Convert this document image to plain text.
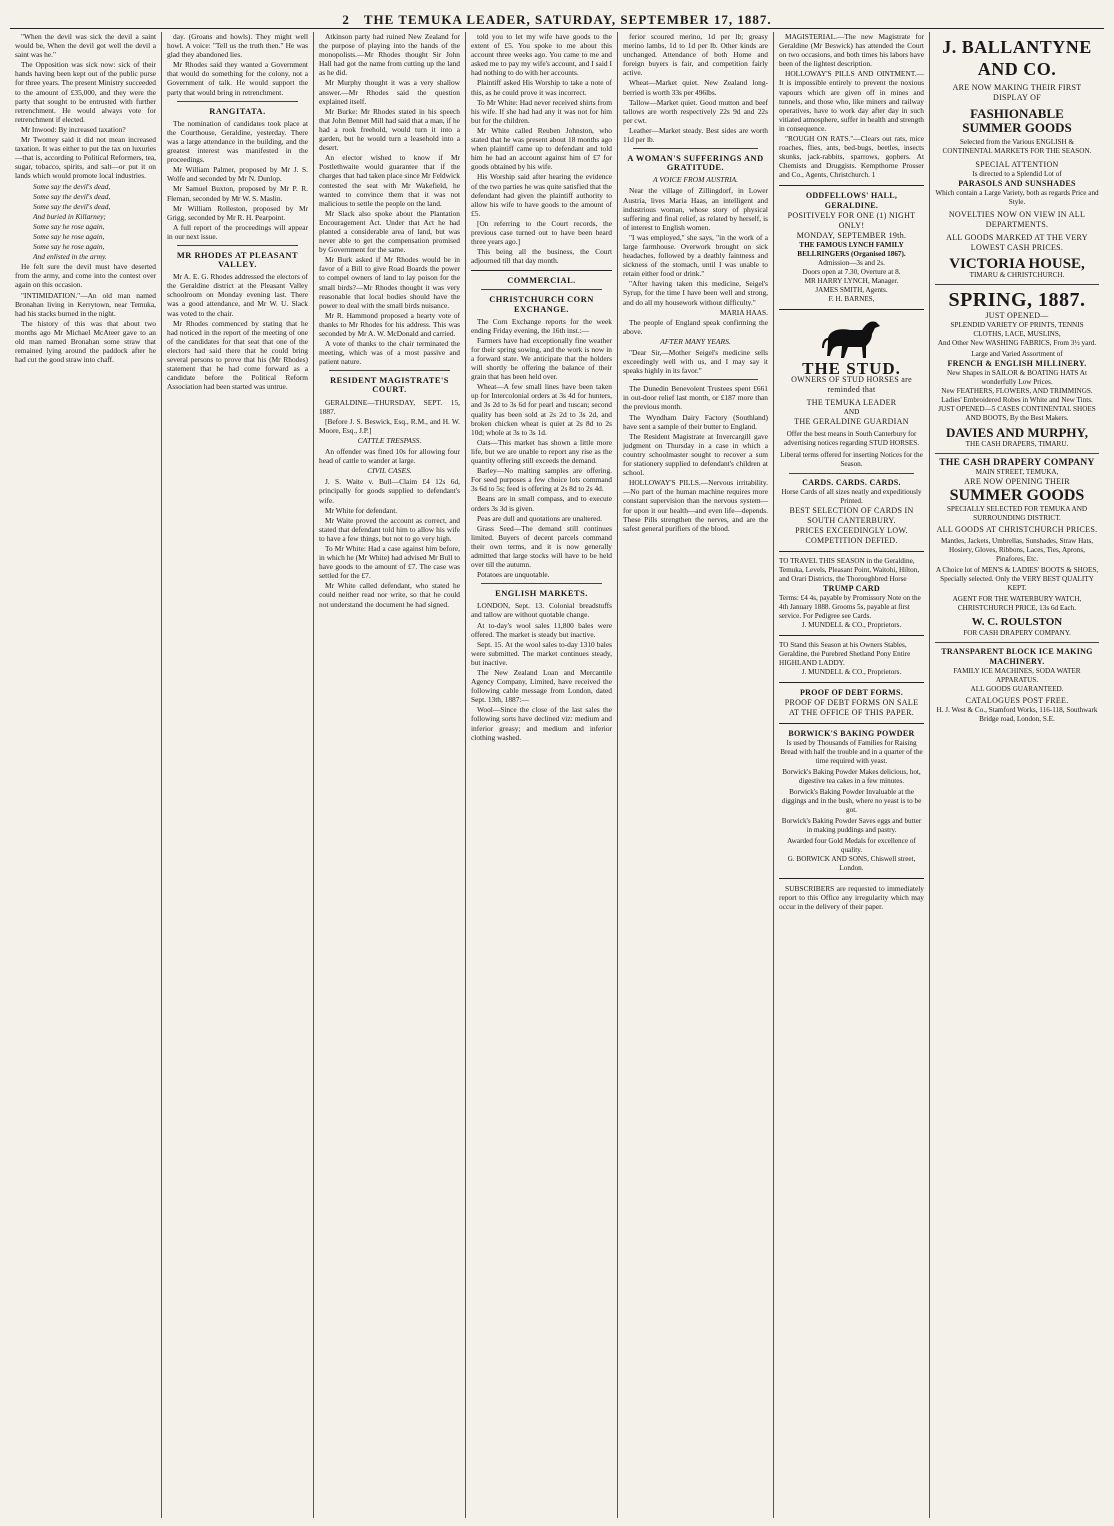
2 THE TEMUKA LEADER, SATURDAY, SEPTEMBER 17, 1887.

"When the devil was sick the devil a saint would be, When the devil got well the devil a saint was he."

The Opposition was sick now: sick of their hands having been kept out of the public purse for three years. The present Ministry succeeded to the amount of £35,000, and they were the party that sought to be entrusted with further retrenchment. He would always vote for retrenchment if elected.

Mr Inwood: By increased taxation?

Mr Twomey said it did not mean increased taxation. It was either to put the tax on luxuries—that is, according to Political Reformers, tea, sugar, tobacco, spirits, and salt—or put it on lands which would promote local industries.

Some say the devil's dead,

Some say the devil's dead,

Some say the devil's dead,

And buried in Killarney;

Some say he rose again,

Some say he rose again,

Some say he rose again,

And enlisted in the army.

He felt sure the devil must have deserted from the army, and come into the contest over again on this occasion.

"INTIMIDATION."—An old man named Bronahan living in Kerrytown, near Temuka, had his stacks burned in the night.

The history of this was that about two months ago Mr Michael McAteer gave to an old man named Bronahan some straw that remained lying around the paddock after he had cut the good straw into chaff.

day. (Groans and howls). They might well howl. A voice: "Tell us the truth then." He was glad they abandoned lies.

Mr Rhodes said they wanted a Government that would do something for the colony, not a Government of talk. He would support the party that would bring in retrenchment.

RANGITATA.

The nomination of candidates took place at the Courthouse, Geraldine, yesterday. There was a large attendance in the building, and the greatest interest was manifested in the proceedings.

Mr William Palmer, proposed by Mr J. S. Wolfe and seconded by Mr N. Dunlop.

Mr Samuel Buxton, proposed by Mr P. R. Fleman, seconded by Mr W. S. Maslin.

Mr William Rolleston, proposed by Mr Grigg, seconded by Mr R. H. Pearpoint.

A full report of the proceedings will appear in our next issue.

MR RHODES AT PLEASANT VALLEY.

Mr A. E. G. Rhodes addressed the electors of the Geraldine district at the Pleasant Valley schoolroom on Monday evening last. There was a good attendance, and Mr W. U. Slack was voted to the chair.

Mr Rhodes commenced by stating that he had noticed in the report of the meeting of one of the candidates for that seat that one of the electors had said there that he could bring several persons to prove that his (Mr Rhodes) statement that he had come forward as a candidate before the Political Reform Association had been started was untrue.

Atkinson party had ruined New Zealand for the purpose of playing into the hands of the monopolists.—Mr Rhodes thought Sir John Hall had got the name from cutting up the land as he did.

Mr Murphy thought it was a very shallow answer.—Mr Rhodes said the question explained itself.

Mr Burke: Mr Rhodes stated in his speech that John Bennet Mill had said that a man, if he had a rook freehold, would turn it into a garden, but he would turn a leasehold into a desert.

An elector wished to know if Mr Postlethwaite would guarantee that if the charges that had taken place since Mr Feldwick contested the seat with Mr Wakefield, he wanted to convince them that it was not malicious to settle the people on the land.

Mr Slack also spoke about the Plantation Encouragement Act. Under that Act he had planted a considerable area of land, but was never able to get the compensation promised by Government for the same.

Mr Burk asked if Mr Rhodes would be in favor of a Bill to give Road Boards the power to compel owners of land to lay poison for the small birds?—Mr Rhodes thought it was very reasonable that local bodies should have the power to deal with the small birds nuisance.

Mr R. Hammond proposed a hearty vote of thanks to Mr Rhodes for his address. This was seconded by Mr A. W. McDonald and carried.

A vote of thanks to the chair terminated the meeting, which was of a most passive and patient nature.

RESIDENT MAGISTRATE'S COURT.

GERALDINE—THURSDAY, SEPT. 15, 1887.

[Before J. S. Beswick, Esq., R.M., and H. W. Moore, Esq., J.P.]

CATTLE TRESPASS.

An offender was fined 10s for allowing four head of cattle to wander at large.

CIVIL CASES.

J. S. Waite v. Bull—Claim £4 12s 6d, principally for goods supplied to defendant's wife.

Mr White for defendant.

Mr Waite proved the account as correct, and stated that defendant told him to allow his wife to have a few things, but not to go very high.

To Mr White: Had a case against him before, in which he (Mr White) had advised Mr Bull to have goods to the amount of £7. The case was settled for the £7.

Mr White called defendant, who stated he could neither read nor write, so that he could not understand the document he had signed.

told you to let my wife have goods to the extent of £5. You spoke to me about this account three weeks ago. You came to me and asked me to pay my wife's account, and I said I had nothing to do with her accounts.

Plaintiff asked His Worship to take a note of this, as he could prove it was incorrect.

To Mr White: Had never received shirts from his wife. If she had had any it was not for him but for the children.

Mr White called Reuben Johnston, who stated that he was present about 18 months ago when plaintiff came up to defendant and told him he had an account against him of £7 for goods obtained by his wife.

His Worship said after hearing the evidence of the two parties he was quite satisfied that the defendant had given the plaintiff authority to allow his wife to have goods to the amount of £5.

[On referring to the Court records, the previous case turned out to have been heard three years ago.]

This being all the business, the Court adjourned till that day month.

COMMERCIAL.
CHRISTCHURCH CORN EXCHANGE.

The Corn Exchange reports for the week ending Friday evening, the 16th inst.:—

Farmers have had exceptionally fine weather for their spring sowing, and the work is now in a forward state. We anticipate that the holders will shortly be offering the balance of their grain that has been held over.

Wheat—A few small lines have been taken up for Intercolonial orders at 3s 4d for hunters, and 3s 2d to 3s 6d for pearl and tuscan; second quality has been sold at 2s 2d to 3s 2d, and broken chicken wheat is quiet at 2s 8d to 2s 10d; whole at 3s to 3s 1d.

Oats—This market has shown a little more life, but we are unable to report any rise as the quantity offering still exceeds the demand.

Barley—No malting samples are offering. For seed purposes a few choice lots command 3s 6d to 5s; feed is offering at 2s 8d to 2s 4d.

Beans are in small compass, and to execute orders 3s 3d is given.

Peas are dull and quotations are unaltered.

Grass Seed—The demand still continues limited. Buyers of decent parcels command their own terms, and it is now generally admitted that large stocks will have to be held over till the autumn.

Potatoes are unquotable.

ENGLISH MARKETS.

LONDON, Sept. 13. Colonial breadstuffs and tallow are without quotable change.

At to-day's wool sales 11,800 bales were offered. The market is steady but inactive.

Sept. 15. At the wool sales to-day 1310 bales were submitted. The market continues steady, but inactive.

The New Zealand Loan and Mercantile Agency Company, Limited, have received the following cable message from London, dated Sept. 13th, 1887:—

Wool—Since the close of the last sales the following sorts have declined viz: medium and inferior greasy; and medium and inferior clothing washed.

ferior scoured merino, 1d per lb; greasy merino lambs, 1d to 1d per lb. Other kinds are unchanged. Attendance of both Home and foreign buyers is fair, and competition fairly active.

Wheat—Market quiet. New Zealand long-berried is worth 33s per 496lbs.

Tallow—Market quiet. Good mutton and beef tallows are worth respectively 22s 9d and 22s per cwt.

Leather—Market steady. Best sides are worth 11d per lb.

A WOMAN'S SUFFERINGS AND GRATITUDE.
A VOICE FROM AUSTRIA.

Near the village of Zillingdorf, in Lower Austria, lives Maria Haas, an intelligent and industrious woman, whose story of physical suffering and final relief, as related by herself, is of interest to English women.

"I was employed," she says, "in the work of a large farmhouse. Overwork brought on sick headaches, followed by a deathly faintness and sickness of the stomach, until I was unable to retain either food or drink."

"After having taken this medicine, Seigel's Syrup, for the time I have been well and strong, and do all my housework without difficulty."

MARIA HAAS.

The people of England speak confirming the above.

AFTER MANY YEARS.

"Dear Sir,—Mother Seigel's medicine sells exceedingly well with us, and I may say it speaks highly in its favor."

The Dunedin Benevolent Trustees spent £661 in out-door relief last month, or £187 more than the previous month.

The Wyndham Dairy Factory (Southland) have sent a sample of their butter to England.

The Resident Magistrate at Invercargill gave judgment on Thursday in a case in which a country schoolmaster sought to recover a sum for stationery supplied to defendant's children at school.

HOLLOWAY'S PILLS.—Nervous irritability.—No part of the human machine requires more constant supervision than the nervous system—for upon it our health—and even life—depends. These Pills strengthen the nerves, and are the safest general purifiers of the blood.

MAGISTERIAL.—The new Magistrate for Geraldine (Mr Beswick) has attended the Court on two occasions, and both times his labors have been of the lightest description.

HOLLOWAY'S PILLS AND OINTMENT.—It is impossible entirely to prevent the noxious vapours which are given off in mines and tunnels, and those who, like miners and railway operatives, have to work day after day in such vitiated atmosphere, suffer in health and strength in consequence.

"ROUGH ON RATS."—Clears out rats, mice roaches, flies, ants, bed-bugs, beetles, insects skunks, jack-rabbits, sparrows, gophers. At Chemists and Druggists. Kempthorne Prosser and Co., Agents, Christchurch. 1

ODDFELLOWS' HALL, GERALDINE.
POSITIVELY FOR ONE (1) NIGHT ONLY!
MONDAY, SEPTEMBER 19th.
THE FAMOUS LYNCH FAMILY BELLRINGERS (Organised 1867).
Admission—3s and 2s.
Doors open at 7.30, Overture at 8.
MR HARRY LYNCH, Manager.
JAMES SMITH, Agents.
F. H. BARNES,
THE STUD.
OWNERS OF STUD HORSES are reminded that
THE TEMUKA LEADER
AND
THE GERALDINE GUARDIAN
Offer the best means in South Canterbury for advertising notices regarding STUD HORSES.
Liberal terms offered for inserting Notices for the Season.
CARDS. CARDS. CARDS.
Horse Cards of all sizes neatly and expeditiously Printed.
BEST SELECTION OF CARDS IN SOUTH CANTERBURY.
PRICES EXCEEDINGLY LOW.
COMPETITION DEFIED.
TO TRAVEL THIS SEASON in the Geraldine, Temuka, Levels, Pleasant Point, Waitohi, Hilton, and Orari Districts, the Thoroughbred Horse
TRUMP CARD
Terms: £4 4s, payable by Promissory Note on the 4th January 1888. Grooms 5s, payable at first service. For Pedigree see Cards.
J. MUNDELL & CO., Proprietors.
TO Stand this Season at his Owners Stables, Geraldine, the Purebred Shetland Pony Entire HIGHLAND LADDY.
J. MUNDELL & CO., Proprietors.
PROOF OF DEBT FORMS.
PROOF OF DEBT FORMS ON SALE AT THE OFFICE OF THIS PAPER.
BORWICK'S BAKING POWDER
Is used by Thousands of Families for Raising Bread with half the trouble and in a quarter of the time required with yeast.
Borwick's Baking Powder Makes delicious, hot, digestive tea cakes in a few minutes.
Borwick's Baking Powder Invaluable at the diggings and in the bush, where no yeast is to be got.
Borwick's Baking Powder Saves eggs and butter in making puddings and pastry.
Awarded four Gold Medals for excellence of quality.
G. BORWICK AND SONS, Chiswell street, London.

SUBSCRIBERS are requested to immediately report to this Office any irregularity which may occur in the delivery of their paper.

J. BALLANTYNE AND CO.
ARE NOW MAKING THEIR FIRST DISPLAY OF
FASHIONABLE
SUMMER GOODS
Selected from the Various ENGLISH & CONTINENTAL MARKETS FOR THE SEASON.
SPECIAL ATTENTION
Is directed to a Splendid Lot of
PARASOLS AND SUNSHADES
Which contain a Large Variety, both as regards Price and Style.
NOVELTIES NOW ON VIEW IN ALL DEPARTMENTS.
ALL GOODS MARKED AT THE VERY LOWEST CASH PRICES.
VICTORIA HOUSE,
TIMARU & CHRISTCHURCH.
SPRING, 1887.
JUST OPENED—
SPLENDID VARIETY OF PRINTS, TENNIS CLOTHS, LACE, MUSLINS,
And Other New WASHING FABRICS, From 3½ yard.
Large and Varied Assortment of
FRENCH & ENGLISH MILLINERY.
New Shapes in SAILOR & BOATING HATS At wonderfully Low Prices.
New FEATHERS, FLOWERS, AND TRIMMINGS.
Ladies' Embroidered Robes in White and New Tints.
JUST OPENED—5 CASES CONTINENTAL SHOES AND BOOTS, By the Best Makers.
DAVIES AND MURPHY,
THE CASH DRAPERS, TIMARU.
THE CASH DRAPERY COMPANY
MAIN STREET, TEMUKA,
ARE NOW OPENING THEIR
SUMMER GOODS
SPECIALLY SELECTED FOR TEMUKA AND SURROUNDING DISTRICT.
ALL GOODS AT CHRISTCHURCH PRICES.
Mantles, Jackets, Umbrellas, Sunshades, Straw Hats, Hosiery, Gloves, Ribbons, Laces, Ties, Aprons, Pinafores, Etc.
A Choice lot of MEN'S & LADIES' BOOTS & SHOES, Specially selected. Only the VERY BEST QUALITY KEPT.
AGENT FOR THE WATERBURY WATCH, CHRISTCHURCH PRICE, 13s 6d Each.
W. C. ROULSTON
FOR CASH DRAPERY COMPANY.
TRANSPARENT BLOCK ICE MAKING MACHINERY.
FAMILY ICE MACHINES, SODA WATER APPARATUS.
ALL GOODS GUARANTEED.
CATALOGUES POST FREE.
H. J. West & Co., Stamford Works, 116-118, Southwark Bridge road, London, S.E.
